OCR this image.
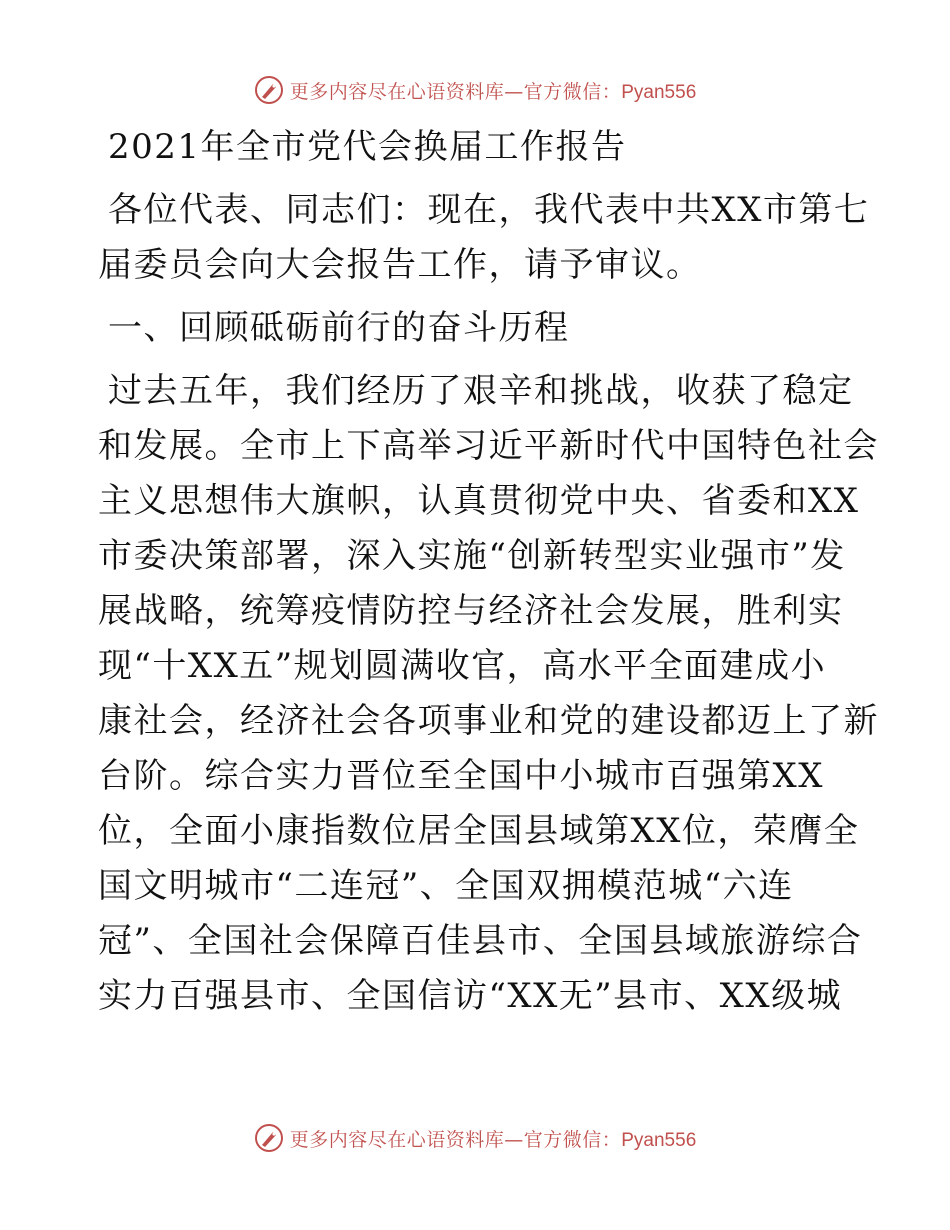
更多内容尽在心语资料库—官方微信：Pyan556
2021年全市党代会换届工作报告
各位代表、同志们：现在，我代表中共XX市第七
届委员会向大会报告工作，请予审议。
一、回顾砥砺前行的奋斗历程
过去五年，我们经历了艰辛和挑战，收获了稳定
和发展。全市上下高举习近平新时代中国特色社会
主义思想伟大旗帜，认真贯彻党中央、省委和XX
市委决策部署，深入实施“创新转型实业强市”发
展战略，统筹疫情防控与经济社会发展，胜利实
现“十XX五”规划圆满收官，高水平全面建成小
康社会，经济社会各项事业和党的建设都迈上了新
台阶。综合实力晋位至全国中小城市百强第XX
位，全面小康指数位居全国县域第XX位，荣膺全
国文明城市“二连冠”、全国双拥模范城“六连
冠”、全国社会保障百佳县市、全国县域旅游综合
实力百强县市、全国信访“XX无”县市、XX级城
更多内容尽在心语资料库—官方微信：Pyan556
